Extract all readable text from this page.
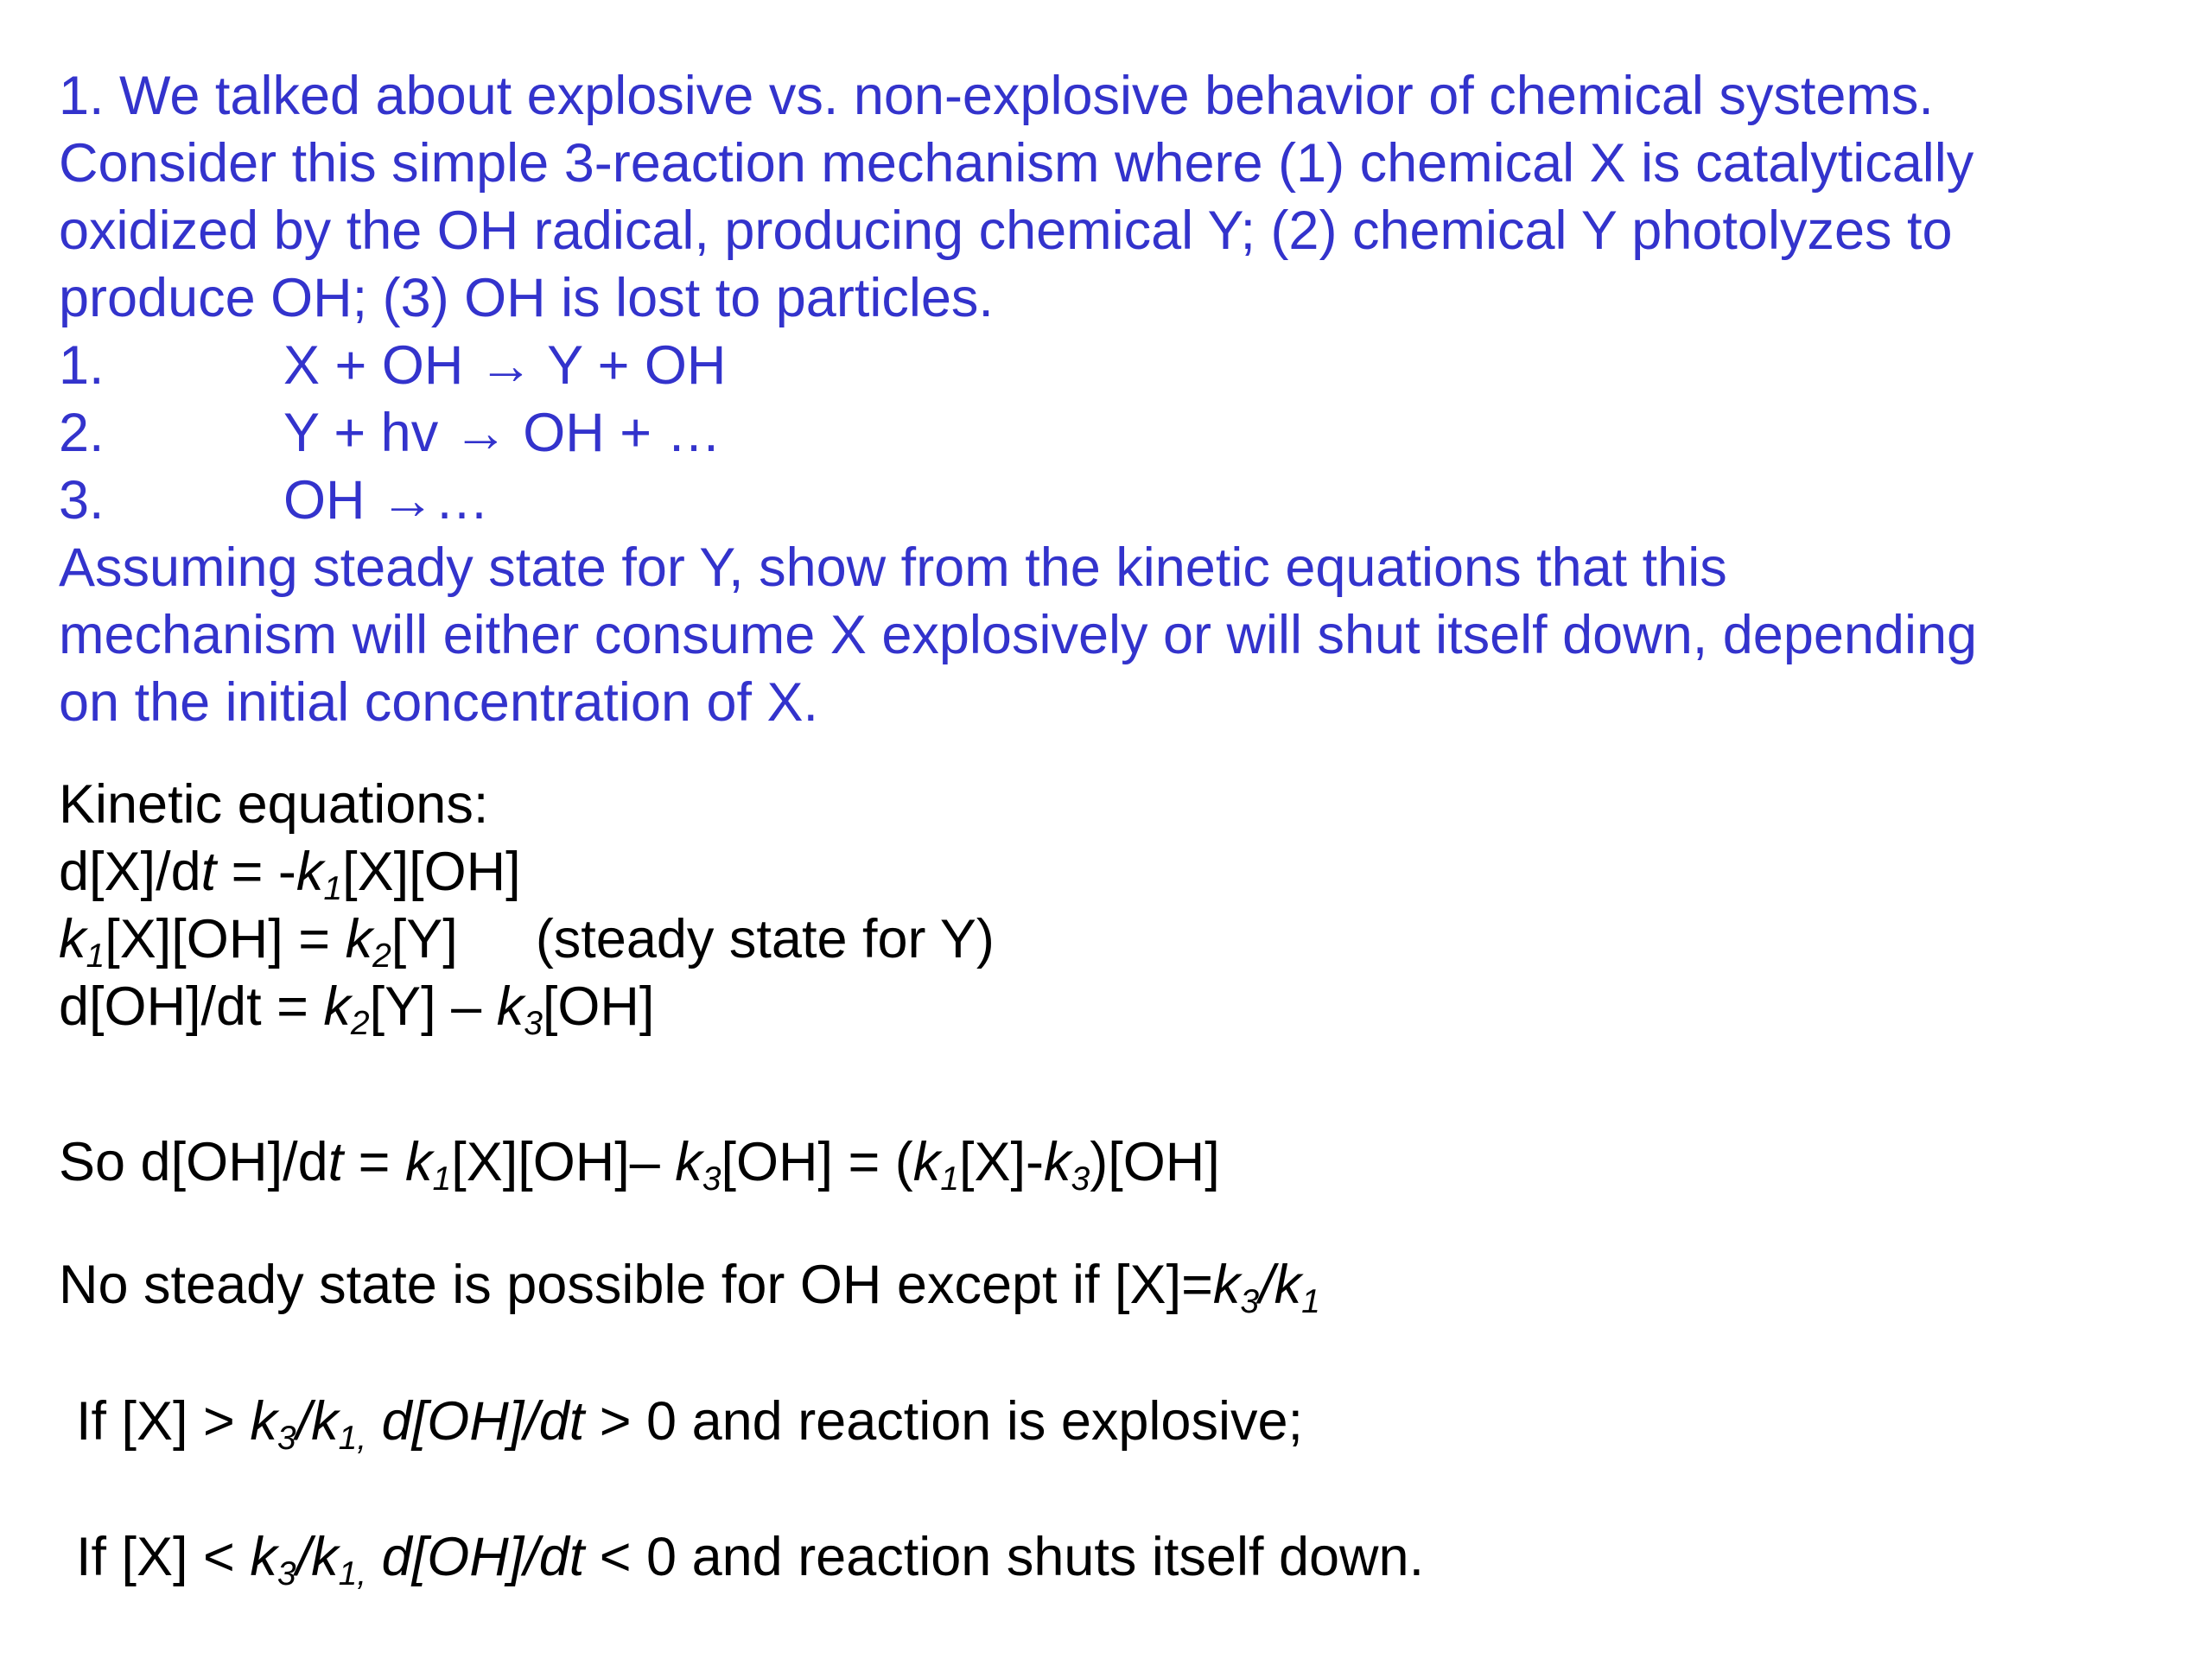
1. We talked about explosive vs. non-explosive behavior of chemical systems.
Consider this simple 3-reaction mechanism where (1) chemical X is catalytically
oxidized by the OH radical, producing chemical Y; (2) chemical Y photolyzes to
produce OH; (3) OH is lost to particles.
1.	X + OH → Y + OH
2.	Y + hv → OH + …
3.	OH →…
Assuming steady state for Y, show from the kinetic equations that this
mechanism will either consume X explosively or will shut itself down, depending
on the initial concentration of X.
Kinetic equations:
$d[X]/dt = -k_1[X][OH]$
$k_1[X][OH] = k_2[Y]$ (steady state for Y)
$d[OH]/dt = k_2[Y] - k_3[OH]$
So $d[OH]/dt = k_1[X][OH]-$ $k_3[OH] = (k_1[X]-k_3)[OH]$
No steady state is possible for OH except if $[X]=k_3/k_1$
If $[X] > k_3/k_{1,}$ d[OH]/dt > 0 and reaction is explosive;
If $[X] < k_3/k_{1,}$ d[OH]/dt < 0 and reaction shuts itself down.
